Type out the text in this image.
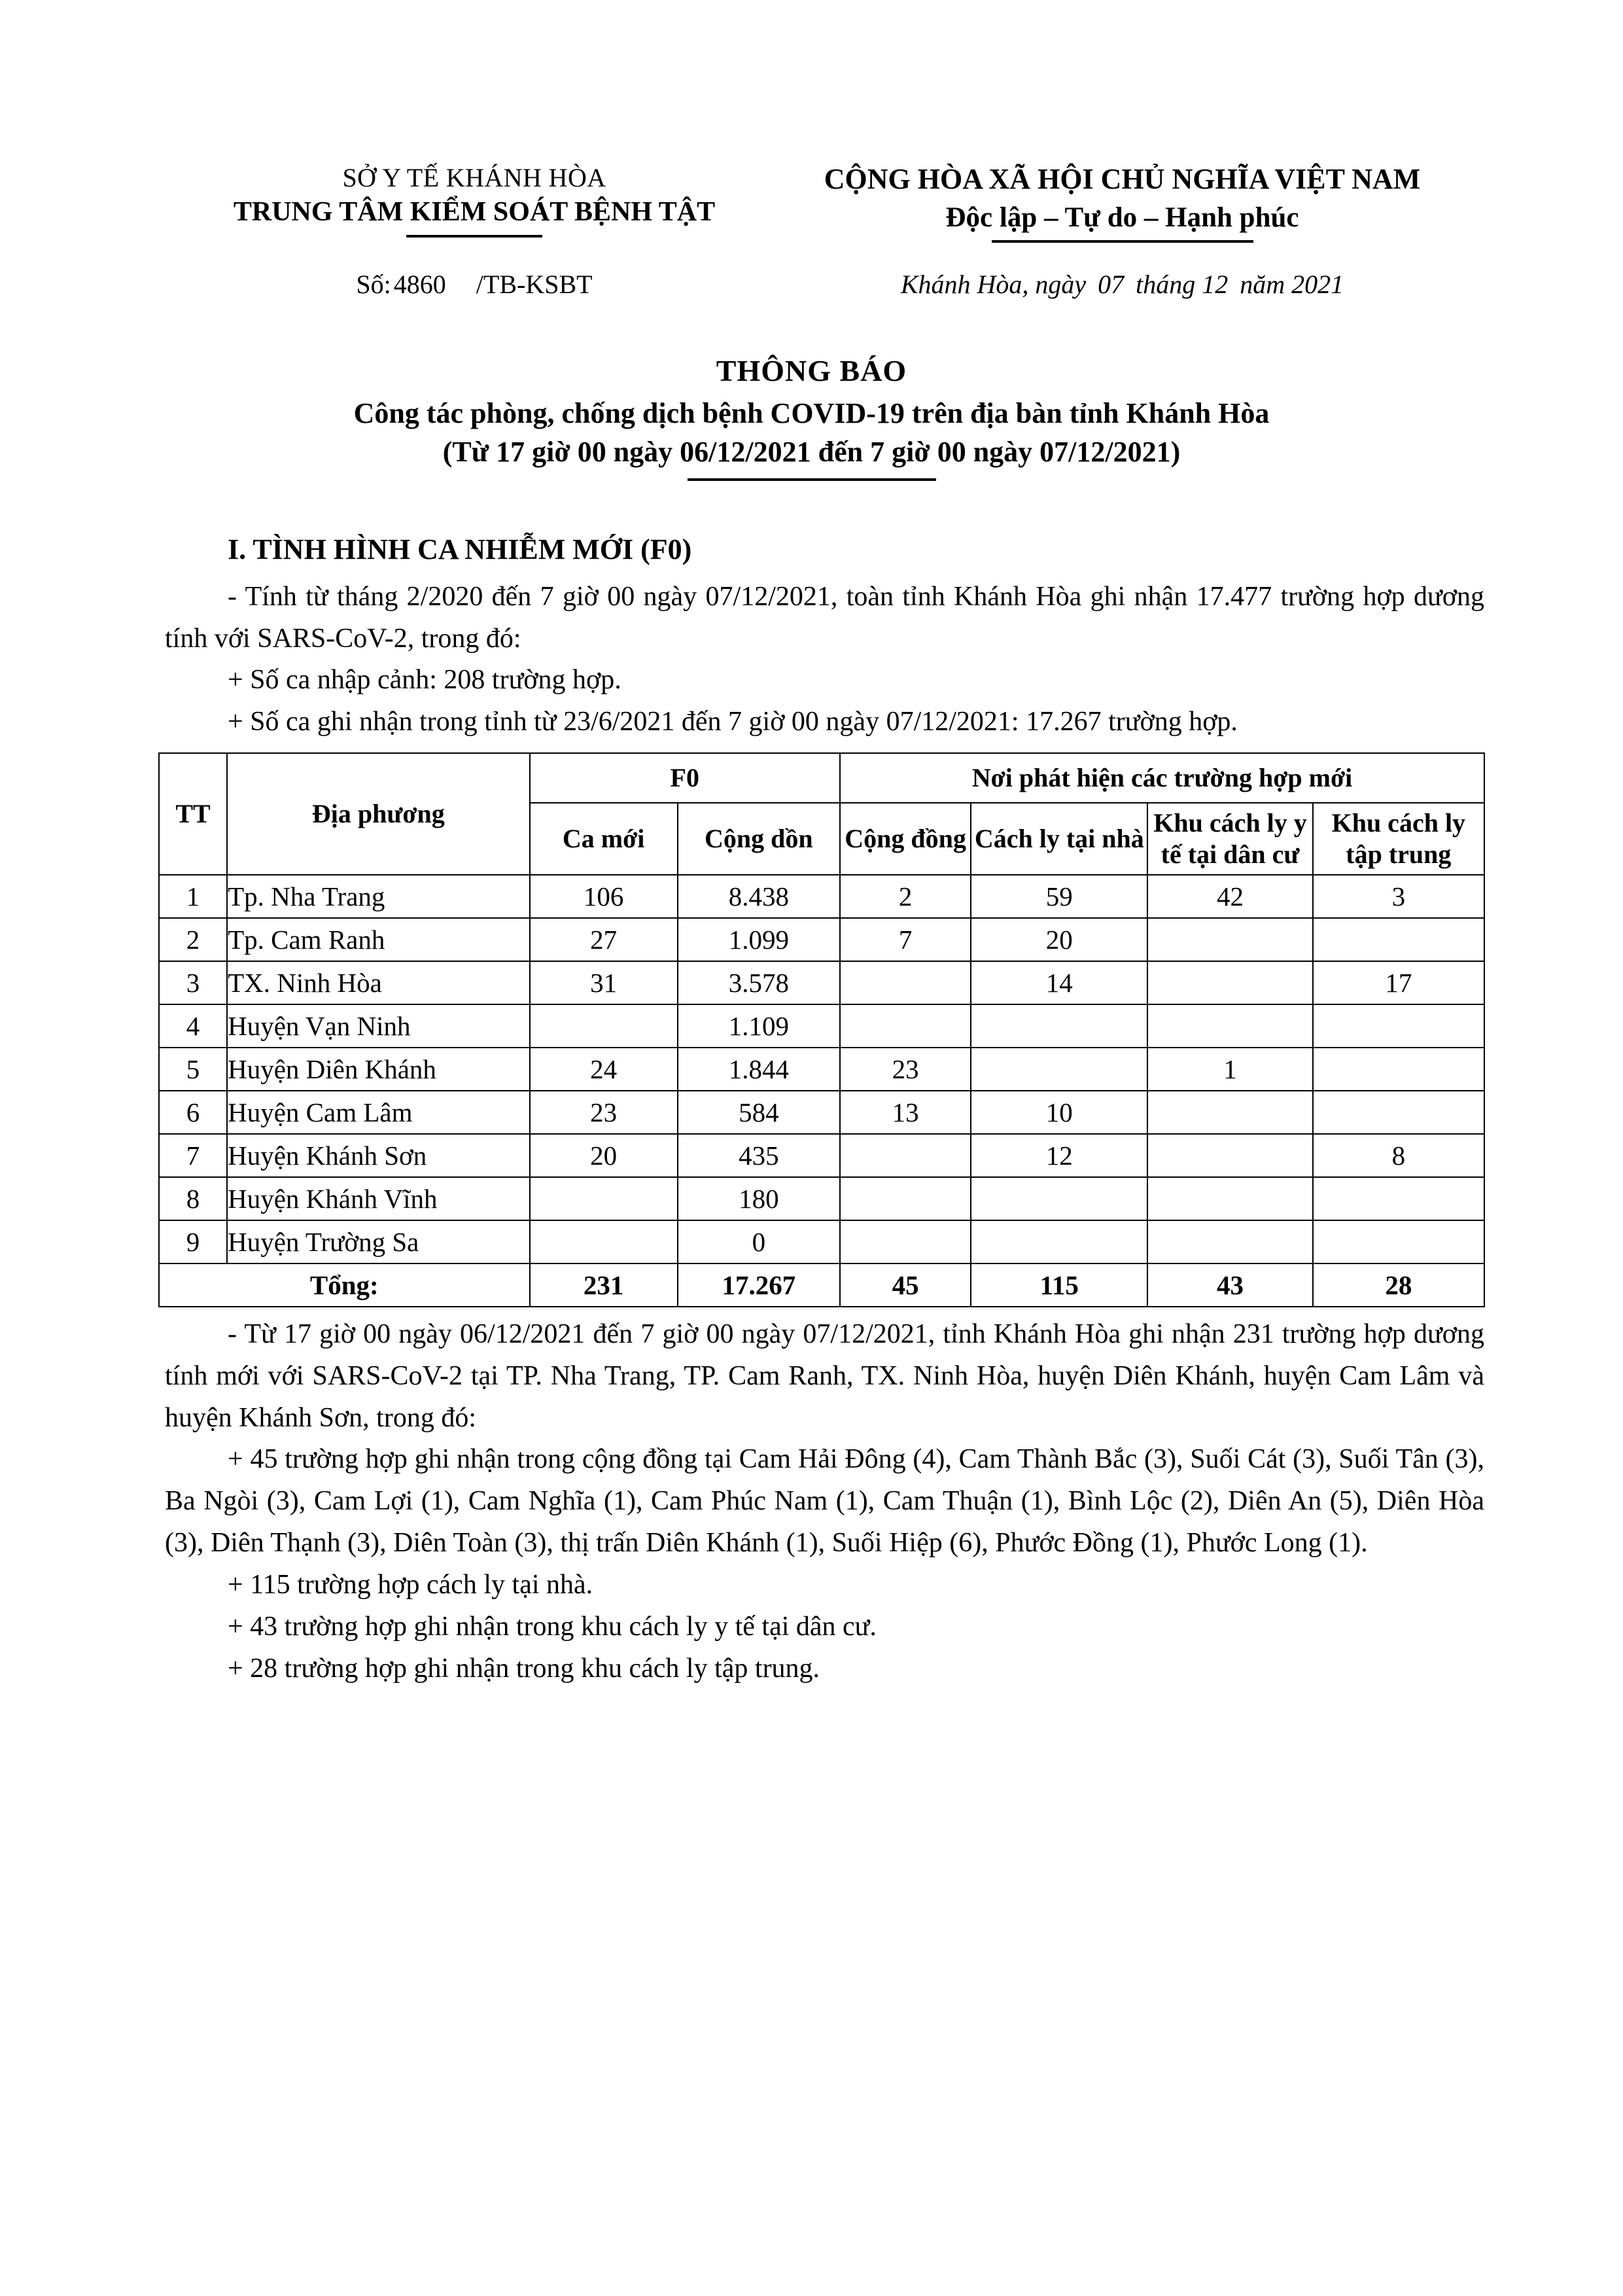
SỞ Y TẾ KHÁNH HÒA
TRUNG TÂM KIỂM SOÁT BỆNH TẬT
CỘNG HÒA XÃ HỘI CHỦ NGHĨA VIỆT NAM
Độc lập – Tự do – Hạnh phúc
Số: 4860 /TB-KSBT	Khánh Hòa, ngày 07 tháng 12 năm 2021
THÔNG BÁO
Công tác phòng, chống dịch bệnh COVID-19 trên địa bàn tỉnh Khánh Hòa
(Từ 17 giờ 00 ngày 06/12/2021 đến 7 giờ 00 ngày 07/12/2021)
I. TÌNH HÌNH CA NHIỄM MỚI (F0)

- Tính từ tháng 2/2020 đến 7 giờ 00 ngày 07/12/2021, toàn tỉnh Khánh Hòa ghi nhận 17.477 trường hợp dương tính với SARS-CoV-2, trong đó:

+ Số ca nhập cảnh: 208 trường hợp.

+ Số ca ghi nhận trong tỉnh từ 23/6/2021 đến 7 giờ 00 ngày 07/12/2021: 17.267 trường hợp.

TT	Địa phương	F0		Nơi phát hiện các trường hợp mới			
		Ca mới	Cộng dồn	Cộng đồng	Cách ly tại nhà	Khu cách ly y tế tại dân cư	Khu cách ly tập trung
1	Tp. Nha Trang	106	8.438	2	59	42	3
2	Tp. Cam Ranh	27	1.099	7	20		
3	TX. Ninh Hòa	31	3.578		14		17
4	Huyện Vạn Ninh		1.109				
5	Huyện Diên Khánh	24	1.844	23		1	
6	Huyện Cam Lâm	23	584	13	10		
7	Huyện Khánh Sơn	20	435		12		8
8	Huyện Khánh Vĩnh		180				
9	Huyện Trường Sa		0				
Tổng:		231	17.267	45	115	43	28

- Từ 17 giờ 00 ngày 06/12/2021 đến 7 giờ 00 ngày 07/12/2021, tỉnh Khánh Hòa ghi nhận 231 trường hợp dương tính mới với SARS-CoV-2 tại TP. Nha Trang, TP. Cam Ranh, TX. Ninh Hòa, huyện Diên Khánh, huyện Cam Lâm và huyện Khánh Sơn, trong đó:

+ 45 trường hợp ghi nhận trong cộng đồng tại Cam Hải Đông (4), Cam Thành Bắc (3), Suối Cát (3), Suối Tân (3), Ba Ngòi (3), Cam Lợi (1), Cam Nghĩa (1), Cam Phúc Nam (1), Cam Thuận (1), Bình Lộc (2), Diên An (5), Diên Hòa (3), Diên Thạnh (3), Diên Toàn (3), thị trấn Diên Khánh (1), Suối Hiệp (6), Phước Đồng (1), Phước Long (1).

+ 115 trường hợp cách ly tại nhà.

+ 43 trường hợp ghi nhận trong khu cách ly y tế tại dân cư.

+ 28 trường hợp ghi nhận trong khu cách ly tập trung.
